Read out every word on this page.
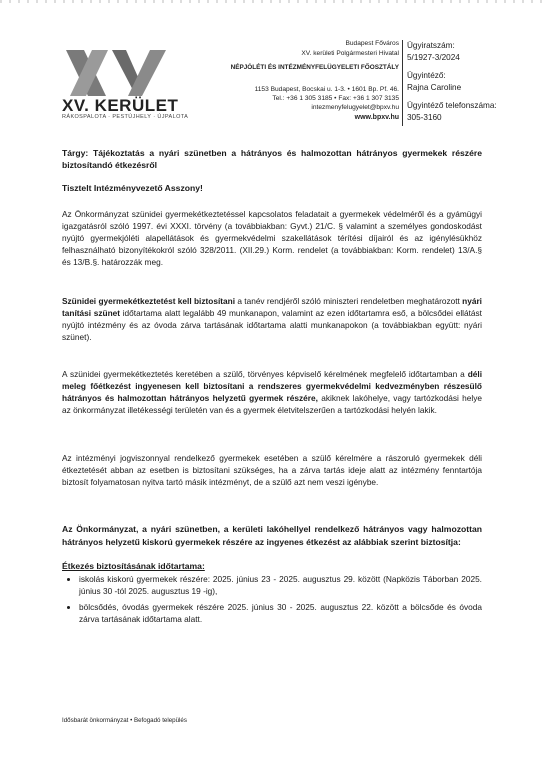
XV. KERÜLET
RÁKOSPALOTA · PESTÚJHELY · ÚJPALOTA
Budapest Főváros
XV. kerületi Polgármesteri Hivatal
NÉPJÓLÉTI ÉS INTÉZMÉNYFELÜGYELETI FŐOSZTÁLY
1153 Budapest, Bocskai u. 1-3. • 1601 Bp. Pf. 46.
Tel.: +36 1 305 3185 • Fax: +36 1 307 3135
intezmenyfelugyelet@bpxv.hu
www.bpxv.hu
Ügyiratszám:
5/1927-3/2024
Ügyintéző:
Rajna Caroline
Ügyintéző telefonszáma:
305-3160
Tárgy: Tájékoztatás a nyári szünetben a hátrányos és halmozottan hátrányos gyermekek részére biztosítandó étkezésről
Tisztelt Intézményvezető Asszony!
Az Önkormányzat szünidei gyermekétkeztetéssel kapcsolatos feladatait a gyermekek védelméről és a gyámügyi igazgatásról szóló 1997. évi XXXI. törvény (a továbbiakban: Gyvt.) 21/C. § valamint a személyes gondoskodást nyújtó gyermekjóléti alapellátások és gyermekvédelmi szakellátások térítési díjairól és az igénylésükhöz felhasználható bizonyítékokról szóló 328/2011. (XII.29.) Korm. rendelet (a továbbiakban: Korm. rendelet) 13/A.§ és 13/B.§. határozzák meg.
Szünidei gyermekétkeztetést kell biztosítani a tanév rendjéről szóló miniszteri rendeletben meghatározott nyári tanítási szünet időtartama alatt legalább 49 munkanapon, valamint az ezen időtartamra eső, a bölcsődei ellátást nyújtó intézmény és az óvoda zárva tartásának időtartama alatti munkanapokon (a továbbiakban együtt: nyári szünet).
A szünidei gyermekétkeztetés keretében a szülő, törvényes képviselő kérelmének megfelelő időtartamban a déli meleg főétkezést ingyenesen kell biztosítani a rendszeres gyermekvédelmi kedvezményben részesülő hátrányos és halmozottan hátrányos helyzetű gyermek részére, akiknek lakóhelye, vagy tartózkodási helye az önkormányzat illetékességi területén van és a gyermek életvitelszerűen a tartózkodási helyén lakik.
Az intézményi jogviszonnyal rendelkező gyermekek esetében a szülő kérelmére a rászoruló gyermekek déli étkeztetését abban az esetben is biztosítani szükséges, ha a zárva tartás ideje alatt az intézmény fenntartója biztosít folyamatosan nyitva tartó másik intézményt, de a szülő azt nem veszi igénybe.
Az Önkormányzat, a nyári szünetben, a kerületi lakóhellyel rendelkező hátrányos vagy halmozottan hátrányos helyzetű kiskorú gyermekek részére az ingyenes étkezést az alábbiak szerint biztosítja:
Étkezés biztosításának időtartama:
• iskolás kiskorú gyermekek részére: 2025. június 23 - 2025. augusztus 29. között (Napközis Táborban 2025. június 30 -tól 2025. augusztus 19 -ig),
• bölcsődés, óvodás gyermekek részére 2025. június 30 - 2025. augusztus 22. között a bölcsőde és óvoda zárva tartásának időtartama alatt.
Idősbarát önkormányzat • Befogadó település
